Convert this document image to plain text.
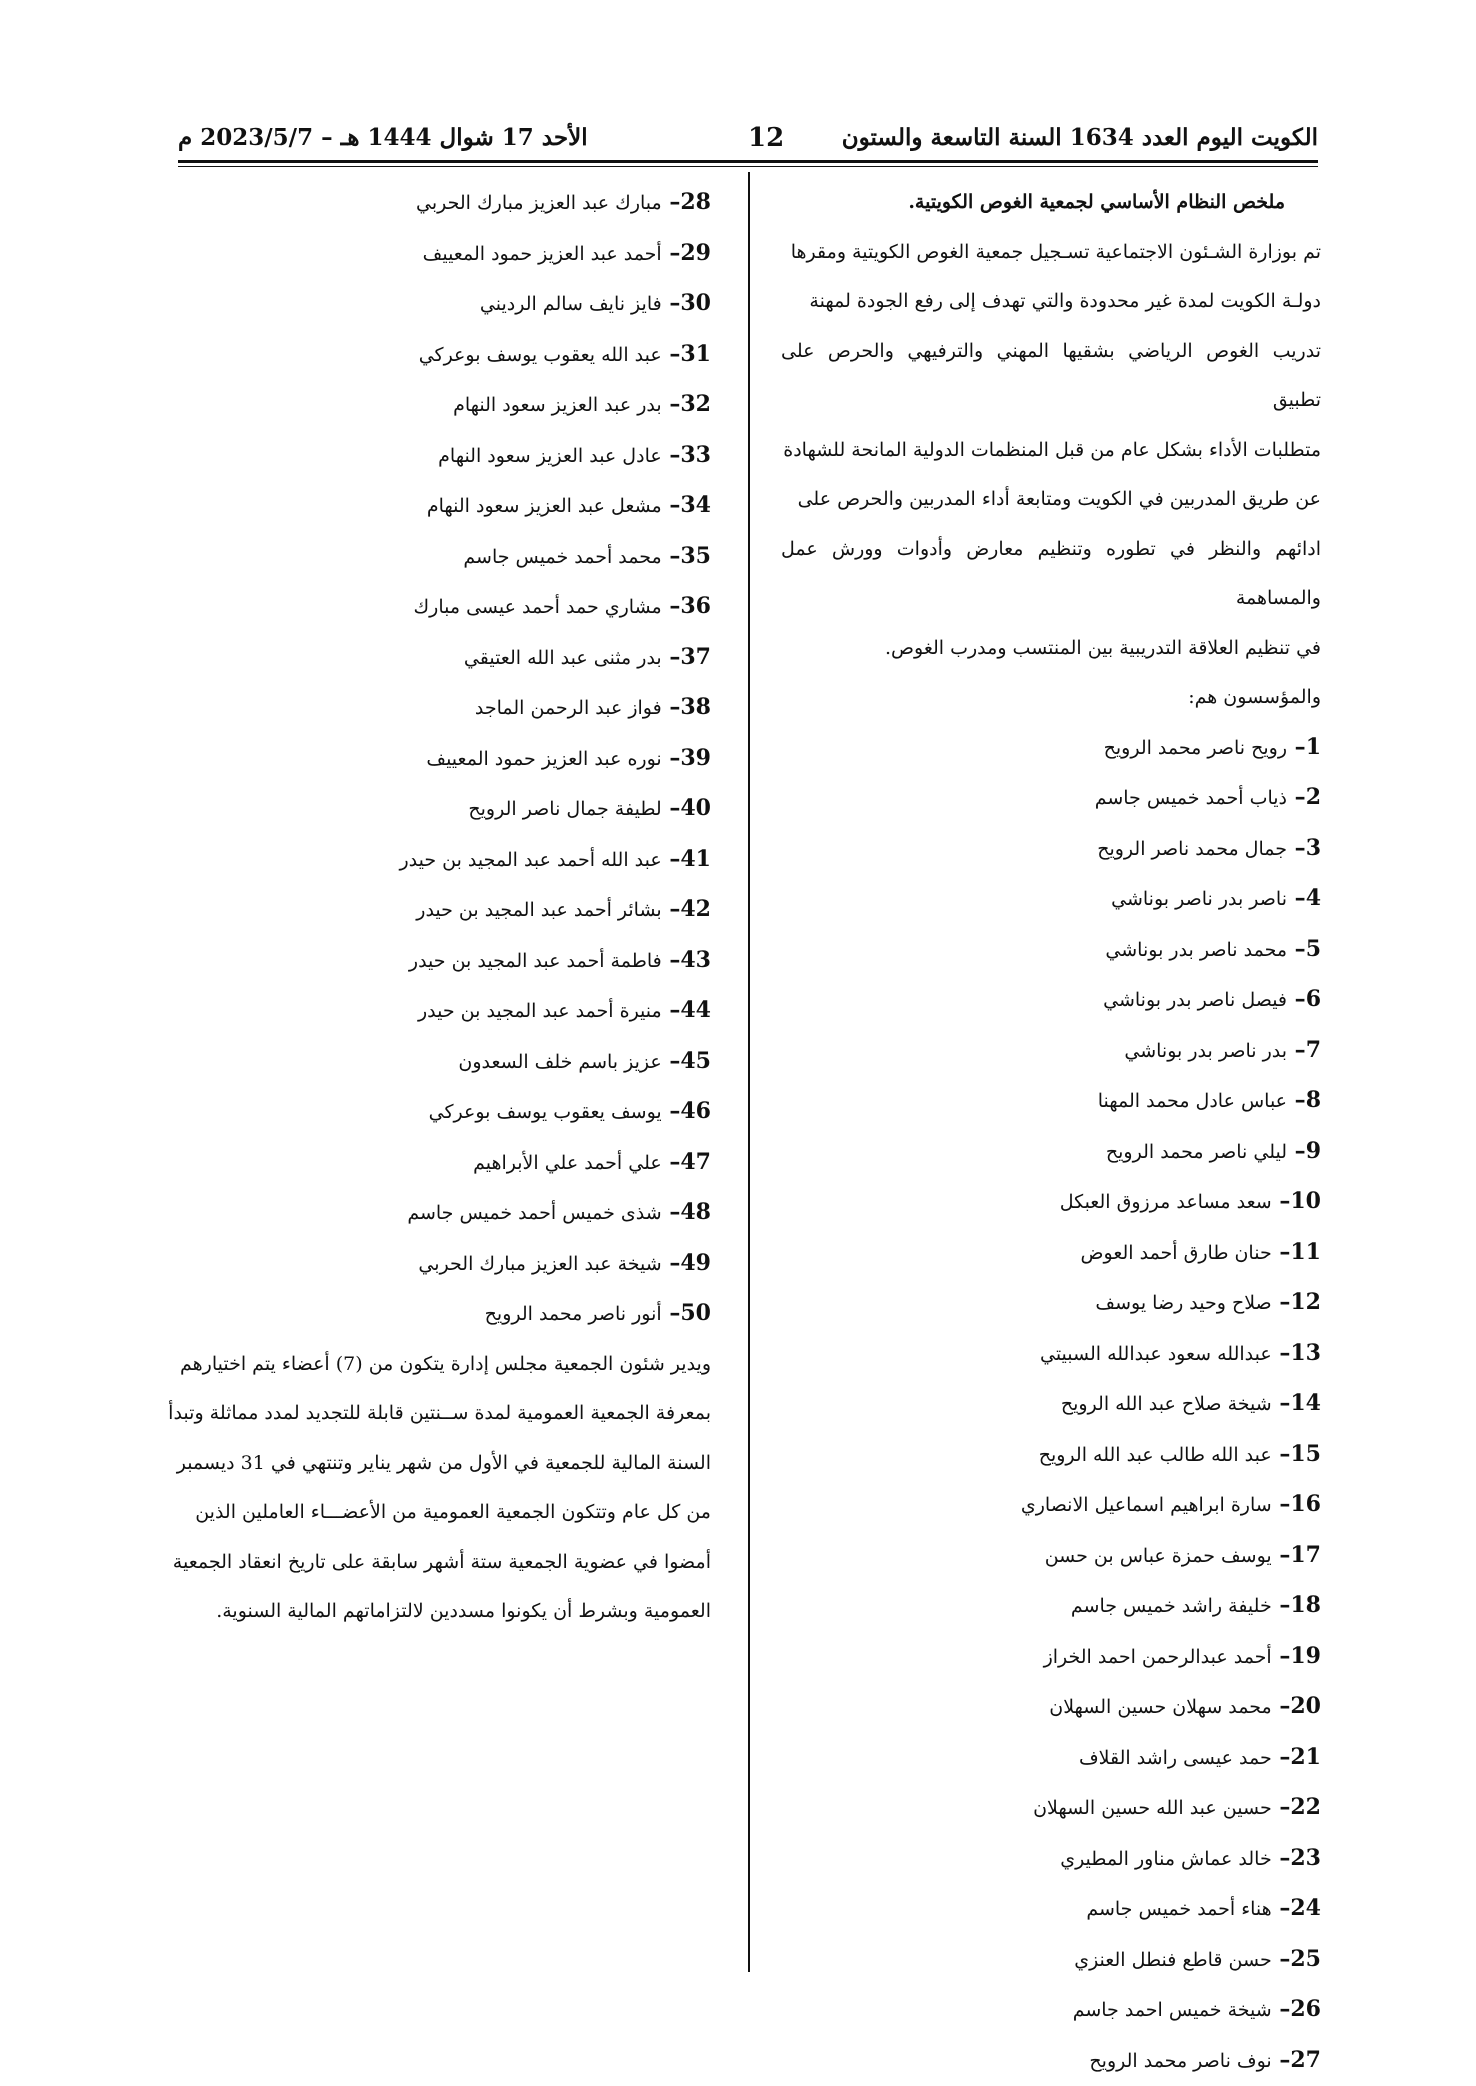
الكويت اليوم العدد 1634 السنة التاسعة والستون
12
الأحد 17 شوال 1444 هـ – 2023/5/7 م

ملخص النظام الأساسي لجمعية الغوص الكويتية.

تم بوزارة الشـئون الاجتماعية تسـجيل جمعية الغوص الكويتية ومقرها

دولـة الكويت لمدة غير محدودة والتي تهدف إلى رفع الجودة لمهنة

تدريب الغوص الرياضي بشقيها المهني والترفيهي والحرص على تطبيق

متطلبات الأداء بشكل عام من قبل المنظمات الدولية المانحة للشهادة

عن طريق المدربين في الكويت ومتابعة أداء المدربين والحرص على

ادائهم والنظر في تطوره وتنظيم معارض وأدوات وورش عمل والمساهمة

في تنظيم العلاقة التدريبية بين المنتسب ومدرب الغوص.

والمؤسسون هم:

1– رويح ناصر محمد الرويح
2– ذياب أحمد خميس جاسم
3– جمال محمد ناصر الرويح
4– ناصر بدر ناصر بوناشي
5– محمد ناصر بدر بوناشي
6– فيصل ناصر بدر بوناشي
7– بدر ناصر بدر بوناشي
8– عباس عادل محمد المهنا
9– ليلي ناصر محمد الرويح
10– سعد مساعد مرزوق العبكل
11– حنان طارق أحمد العوض
12– صلاح وحيد رضا يوسف
13– عبدالله سعود عبدالله السبيتي
14– شيخة صلاح عبد الله الرويح
15– عبد الله طالب عبد الله الرويح
16– سارة ابراهيم اسماعيل الانصاري
17– يوسف حمزة عباس بن حسن
18– خليفة راشد خميس جاسم
19– أحمد عبدالرحمن احمد الخراز
20– محمد سهلان حسين السهلان
21– حمد عيسى راشد القلاف
22– حسين عبد الله حسين السهلان
23– خالد عماش مناور المطيري
24– هناء أحمد خميس جاسم
25– حسن قاطع فنطل العنزي
26– شيخة خميس احمد جاسم
27– نوف ناصر محمد الرويح
28– مبارك عبد العزيز مبارك الحربي
29– أحمد عبد العزيز حمود المعييف
30– فايز نايف سالم الرديني
31– عبد الله يعقوب يوسف بوعركي
32– بدر عبد العزيز سعود النهام
33– عادل عبد العزيز سعود النهام
34– مشعل عبد العزيز سعود النهام
35– محمد أحمد خميس جاسم
36– مشاري حمد أحمد عيسى مبارك
37– بدر مثنى عبد الله العتيقي
38– فواز عبد الرحمن الماجد
39– نوره عبد العزيز حمود المعييف
40– لطيفة جمال ناصر الرويح
41– عبد الله أحمد عبد المجيد بن حيدر
42– بشائر أحمد عبد المجيد بن حيدر
43– فاطمة أحمد عبد المجيد بن حيدر
44– منيرة أحمد عبد المجيد بن حيدر
45– عزيز باسم خلف السعدون
46– يوسف يعقوب يوسف بوعركي
47– علي أحمد علي الأبراهيم
48– شذى خميس أحمد خميس جاسم
49– شيخة عبد العزيز مبارك الحربي
50– أنور ناصر محمد الرويح

ويدير شئون الجمعية مجلس إدارة يتكون من (7) أعضاء يتم اختيارهم

بمعرفة الجمعية العمومية لمدة ســنتين قابلة للتجديد لمدد مماثلة وتبدأ

السنة المالية للجمعية في الأول من شهر يناير وتنتهي في 31 ديسمبر

من كل عام وتتكون الجمعية العمومية من الأعضـــاء العاملين الذين

أمضوا في عضوية الجمعية ستة أشهر سابقة على تاريخ انعقاد الجمعية

العمومية وبشرط أن يكونوا مسددين لالتزاماتهم المالية السنوية.
